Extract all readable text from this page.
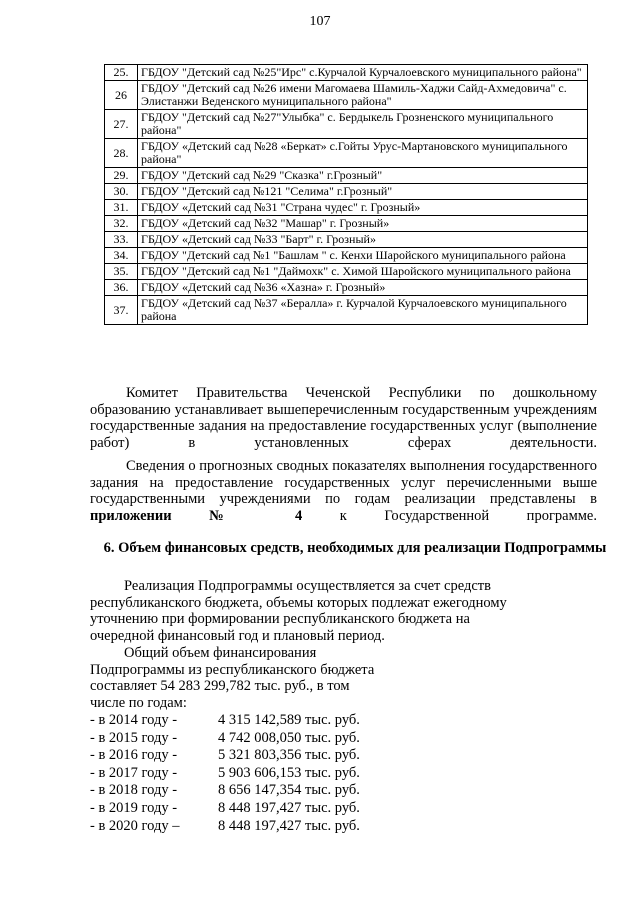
107
25.	ГБДОУ "Детский сад №25"Ирс" с.Курчалой Курчалоевского муниципального района"
26	ГБДОУ "Детский сад №26 имени Магомаева Шамиль-Хаджи Сайд-Ахмедовича" с. Элистанжи Веденского муниципального района"
27.	ГБДОУ "Детский сад №27"Улыбка" с. Бердыкель Грозненского муниципального района"
28.	ГБДОУ «Детский сад №28 «Беркат» с.Гойты Урус-Мартановского муниципального района"
29.	ГБДОУ "Детский сад №29 "Сказка" г.Грозный"
30.	ГБДОУ "Детский сад №121 "Селима" г.Грозный"
31.	ГБДОУ «Детский сад №31 "Страна чудес" г. Грозный»
32.	ГБДОУ «Детский сад №32 "Машар" г. Грозный»
33.	ГБДОУ «Детский сад №33 "Барт" г. Грозный»
34.	ГБДОУ "Детский сад №1 "Башлам " с. Кенхи Шаройского муниципального района
35.	ГБДОУ "Детский сад №1 "Даймохк" с. Химой Шаройского муниципального района
36.	ГБДОУ «Детский сад №36 «Хазна» г. Грозный»
37.	ГБДОУ «Детский сад №37 «Бералла» г. Курчалой Курчалоевского муниципального района
Комитет Правительства Чеченской Республики по дошкольному образованию устанавливает вышеперечисленным государственным учреждениям государственные задания на предоставление государственных услуг (выполнение работ) в установленных сферах деятельности.
Сведения о прогнозных сводных показателях выполнения государственного задания на предоставление государственных услуг перечисленными выше государственными учреждениями по годам реализации представлены в приложении № 4 к Государственной программе.
6. Объем финансовых средств, необходимых для реализации Подпрограммы
Реализация Подпрограммы осуществляется за счет средств республиканского бюджета, объемы которых подлежат ежегодному уточнению при формировании республиканского бюджета на очередной финансовый год и плановый период.
Общий объем финансирования
Подпрограммы из республиканского бюджета
составляет 54 283 299,782 тыс. руб., в том
числе по годам:
- в 2014 году -	4 315 142,589 тыс. руб.
- в 2015 году -	4 742 008,050 тыс. руб.
- в 2016 году -	5 321 803,356 тыс. руб.
- в 2017 году -	5 903 606,153 тыс. руб.
- в 2018 году -	8 656 147,354 тыс. руб.
- в 2019 году -	8 448 197,427 тыс. руб.
- в 2020 году –	8 448 197,427 тыс. руб.
